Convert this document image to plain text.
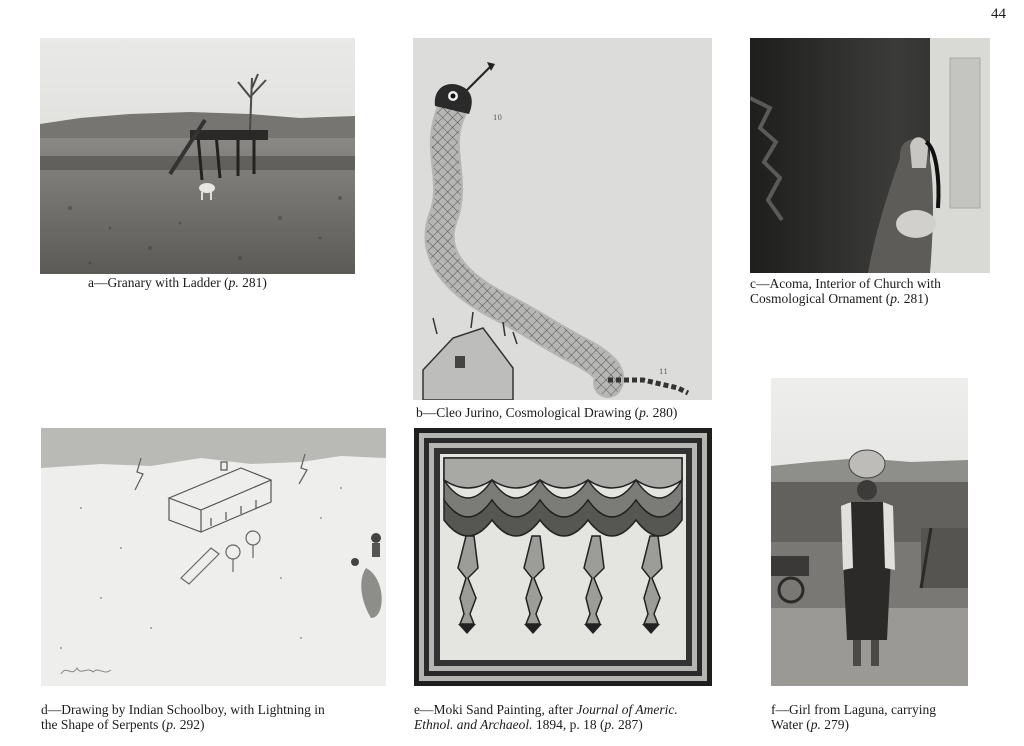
44

a—Granary with Ladder (p. 281)

10
11

b—Cleo Jurino, Cosmological Drawing (p. 280)

c—Acoma, Interior of Church with
Cosmological Ornament (p. 281)

d—Drawing by Indian Schoolboy, with Lightning in
the Shape of Serpents (p. 292)

e—Moki Sand Painting, after Journal of Americ.
Ethnol. and Archaeol. 1894, p. 18 (p. 287)

f—Girl from Laguna, carrying
Water (p. 279)
